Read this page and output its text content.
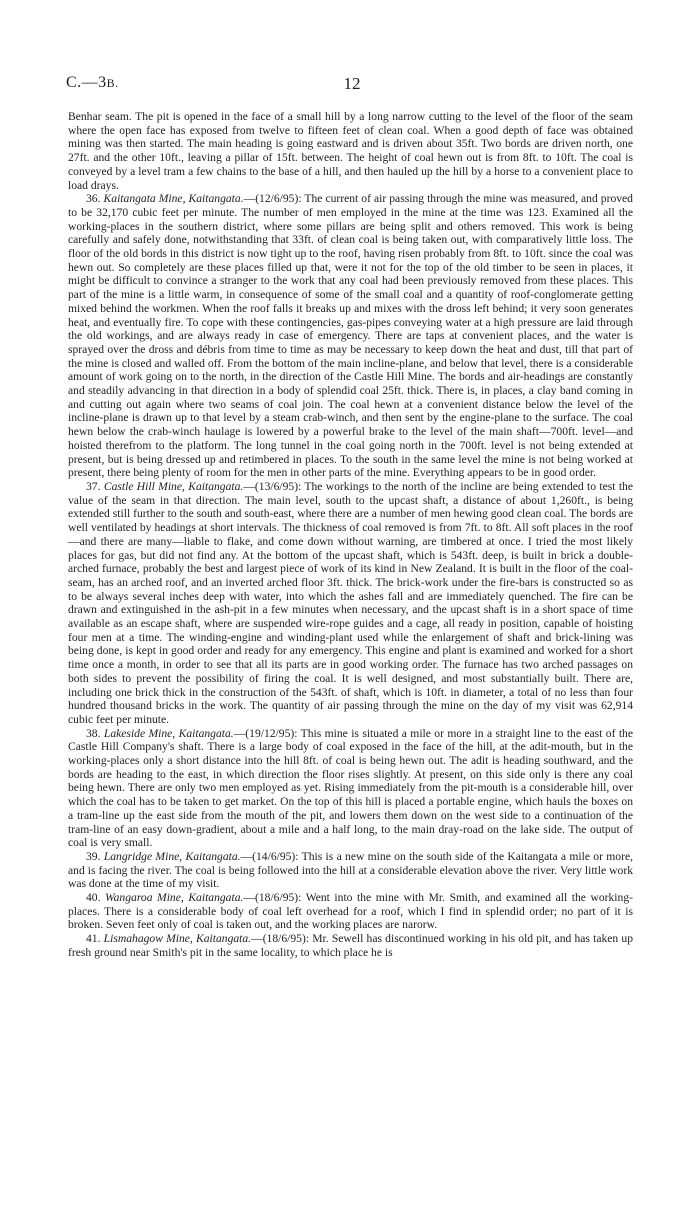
C.—3B.	12

Benhar seam. The pit is opened in the face of a small hill by a long narrow cutting to the level of the floor of the seam where the open face has exposed from twelve to fifteen feet of clean coal. When a good depth of face was obtained mining was then started. The main heading is going eastward and is driven about 35ft. Two bords are driven north, one 27ft. and the other 10ft., leaving a pillar of 15ft. between. The height of coal hewn out is from 8ft. to 10ft. The coal is conveyed by a level tram a few chains to the base of a hill, and then hauled up the hill by a horse to a convenient place to load drays.

36. Kaitangata Mine, Kaitangata.—(12/6/95): The current of air passing through the mine was measured, and proved to be 32,170 cubic feet per minute. The number of men employed in the mine at the time was 123. Examined all the working-places in the southern district, where some pillars are being split and others removed. This work is being carefully and safely done, notwithstanding that 33ft. of clean coal is being taken out, with comparatively little loss. The floor of the old bords in this district is now tight up to the roof, having risen probably from 8ft. to 10ft. since the coal was hewn out. So completely are these places filled up that, were it not for the top of the old timber to be seen in places, it might be difficult to convince a stranger to the work that any coal had been previously removed from these places. This part of the mine is a little warm, in consequence of some of the small coal and a quantity of roof-conglomerate getting mixed behind the workmen. When the roof falls it breaks up and mixes with the dross left behind; it very soon generates heat, and eventually fire. To cope with these contingencies, gas-pipes conveying water at a high pressure are laid through the old workings, and are always ready in case of emergency. There are taps at convenient places, and the water is sprayed over the dross and débris from time to time as may be necessary to keep down the heat and dust, till that part of the mine is closed and walled off. From the bottom of the main incline-plane, and below that level, there is a considerable amount of work going on to the north, in the direction of the Castle Hill Mine. The bords and air-headings are constantly and steadily advancing in that direction in a body of splendid coal 25ft. thick. There is, in places, a clay band coming in and cutting out again where two seams of coal join. The coal hewn at a convenient distance below the level of the incline-plane is drawn up to that level by a steam crab-winch, and then sent by the engine-plane to the surface. The coal hewn below the crab-winch haulage is lowered by a powerful brake to the level of the main shaft—700ft. level—and hoisted therefrom to the platform. The long tunnel in the coal going north in the 700ft. level is not being extended at present, but is being dressed up and retimbered in places. To the south in the same level the mine is not being worked at present, there being plenty of room for the men in other parts of the mine. Everything appears to be in good order.

37. Castle Hill Mine, Kaitangata.—(13/6/95): The workings to the north of the incline are being extended to test the value of the seam in that direction. The main level, south to the upcast shaft, a distance of about 1,260ft., is being extended still further to the south and south-east, where there are a number of men hewing good clean coal. The bords are well ventilated by headings at short intervals. The thickness of coal removed is from 7ft. to 8ft. All soft places in the roof—and there are many—liable to flake, and come down without warning, are timbered at once. I tried the most likely places for gas, but did not find any. At the bottom of the upcast shaft, which is 543ft. deep, is built in brick a double-arched furnace, probably the best and largest piece of work of its kind in New Zealand. It is built in the floor of the coal-seam, has an arched roof, and an inverted arched floor 3ft. thick. The brick-work under the fire-bars is constructed so as to be always several inches deep with water, into which the ashes fall and are immediately quenched. The fire can be drawn and extinguished in the ash-pit in a few minutes when necessary, and the upcast shaft is in a short space of time available as an escape shaft, where are suspended wire-rope guides and a cage, all ready in position, capable of hoisting four men at a time. The winding-engine and winding-plant used while the enlargement of shaft and brick-lining was being done, is kept in good order and ready for any emergency. This engine and plant is examined and worked for a short time once a month, in order to see that all its parts are in good working order. The furnace has two arched passages on both sides to prevent the possibility of firing the coal. It is well designed, and most substantially built. There are, including one brick thick in the construction of the 543ft. of shaft, which is 10ft. in diameter, a total of no less than four hundred thousand bricks in the work. The quantity of air passing through the mine on the day of my visit was 62,914 cubic feet per minute.

38. Lakeside Mine, Kaitangata.—(19/12/95): This mine is situated a mile or more in a straight line to the east of the Castle Hill Company's shaft. There is a large body of coal exposed in the face of the hill, at the adit-mouth, but in the working-places only a short distance into the hill 8ft. of coal is being hewn out. The adit is heading southward, and the bords are heading to the east, in which direction the floor rises slightly. At present, on this side only is there any coal being hewn. There are only two men employed as yet. Rising immediately from the pit-mouth is a considerable hill, over which the coal has to be taken to get market. On the top of this hill is placed a portable engine, which hauls the boxes on a tram-line up the east side from the mouth of the pit, and lowers them down on the west side to a continuation of the tram-line of an easy down-gradient, about a mile and a half long, to the main dray-road on the lake side. The output of coal is very small.

39. Langridge Mine, Kaitangata.—(14/6/95): This is a new mine on the south side of the Kaitangata a mile or more, and is facing the river. The coal is being followed into the hill at a considerable elevation above the river. Very little work was done at the time of my visit.

40. Wangaroa Mine, Kaitangata.—(18/6/95): Went into the mine with Mr. Smith, and examined all the working-places. There is a considerable body of coal left overhead for a roof, which I find in splendid order; no part of it is broken. Seven feet only of coal is taken out, and the working places are narorw.

41. Lismahagow Mine, Kaitangata.—(18/6/95): Mr. Sewell has discontinued working in his old pit, and has taken up fresh ground near Smith's pit in the same locality, to which place he is
